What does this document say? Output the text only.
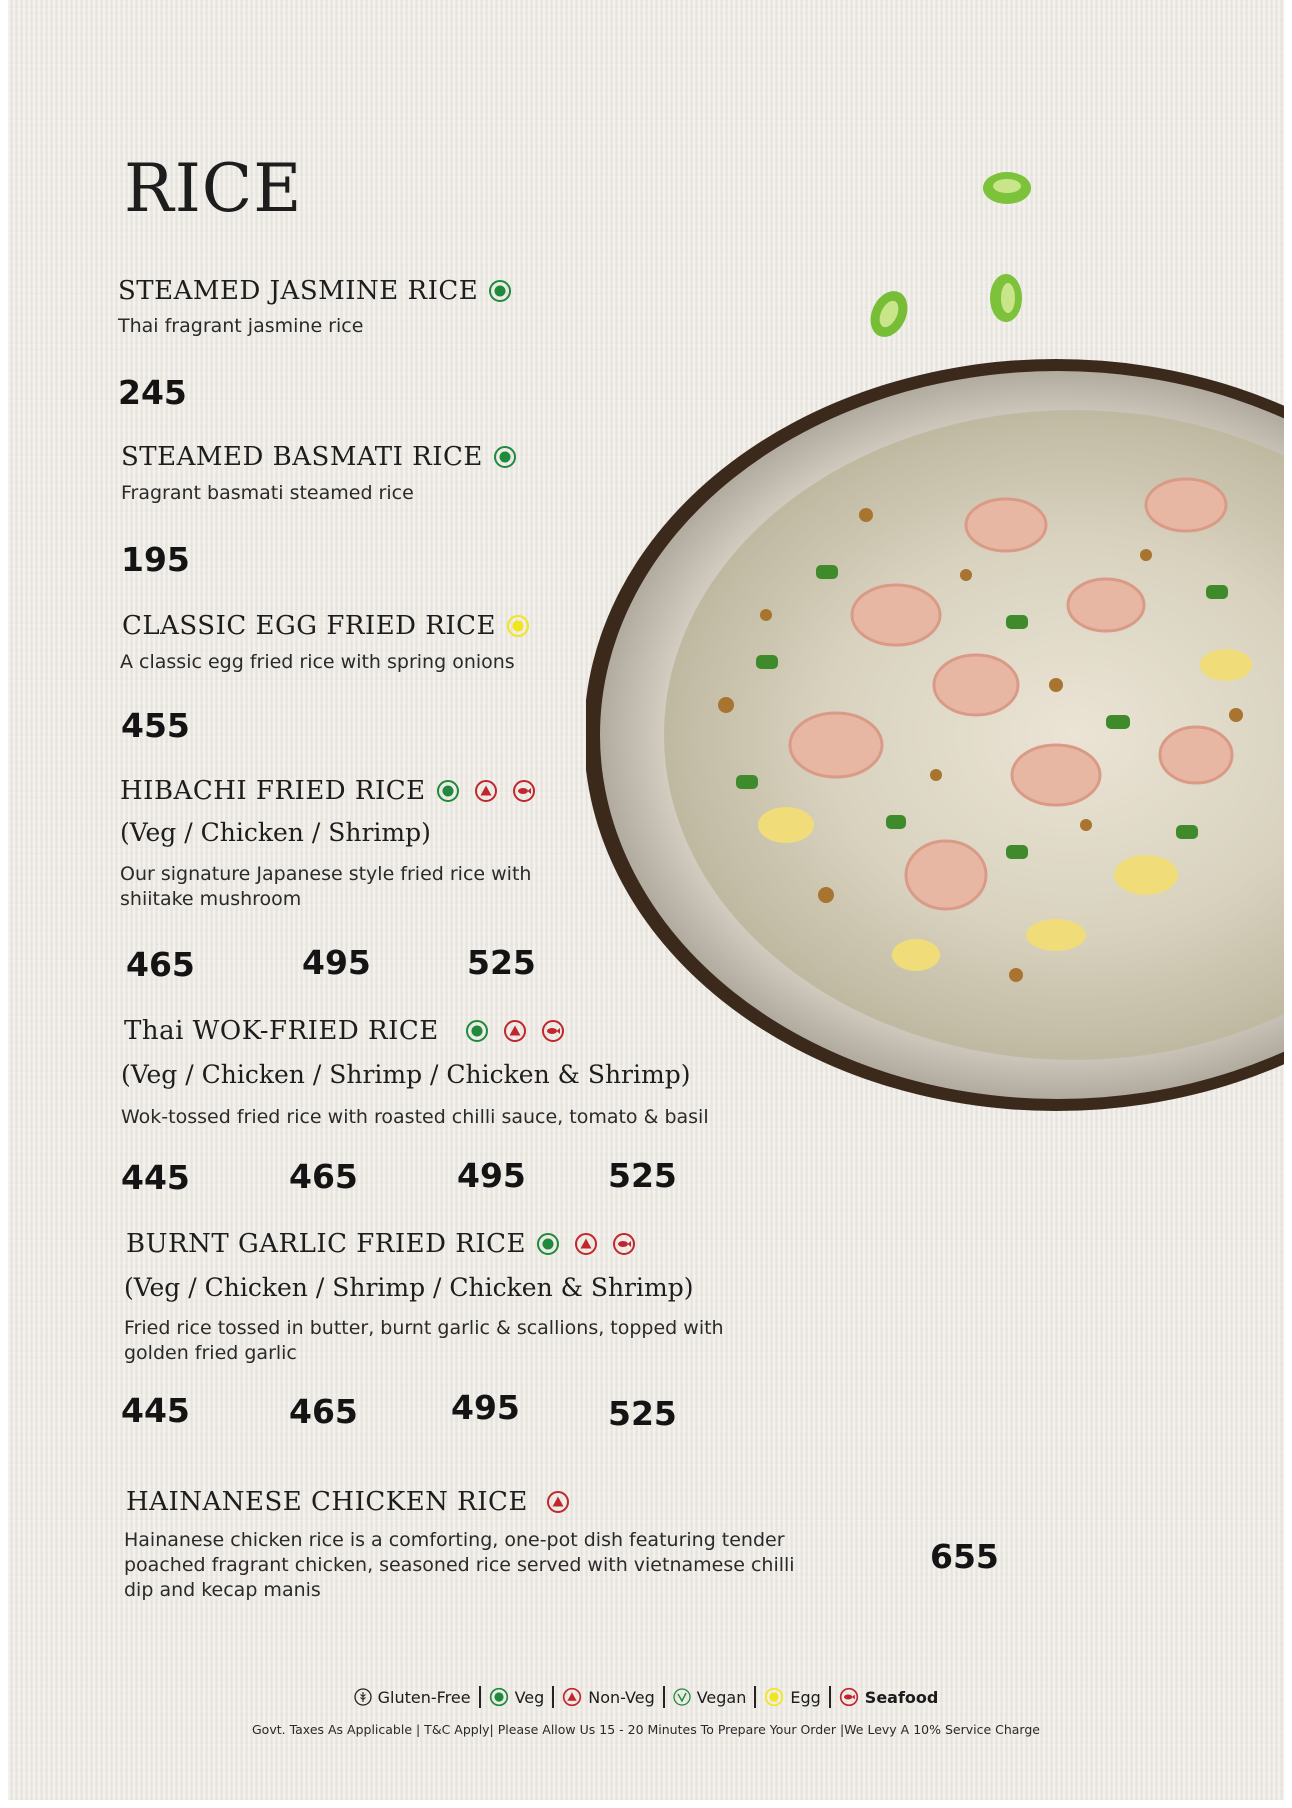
RICE
STEAMED JASMINE RICE

Thai fragrant jasmine rice

245

STEAMED BASMATI RICE

Fragrant basmati steamed rice

195

CLASSIC EGG FRIED RICE

A classic egg fried rice with spring onions

455

HIBACHI FRIED RICE

(Veg / Chicken / Shrimp)

Our signature Japanese style fried rice with
shiitake mushroom

465	495	525

Thai WOK-FRIED RICE

(Veg / Chicken / Shrimp / Chicken & Shrimp)

Wok-tossed fried rice with roasted chilli sauce, tomato & basil

445	465	495 525

BURNT GARLIC FRIED RICE

(Veg / Chicken / Shrimp / Chicken & Shrimp)

Fried rice tossed in butter, burnt garlic & scallions, topped with
golden fried garlic

445	465	495	525

HAINANESE CHICKEN RICE
Hainanese chicken rice is a comforting, one-pot dish featuring tender
poached fragrant chicken, seasoned rice served with vietnamese chilli
dip and kecap manis

655

Gluten-Free	Veg	Non-Veg	Vegan	Egg	Seafood
Govt. Taxes As Applicable | T&C Apply| Please Allow Us 15 - 20 Minutes To Prepare Your Order |We Levy A 10% Service Charge
